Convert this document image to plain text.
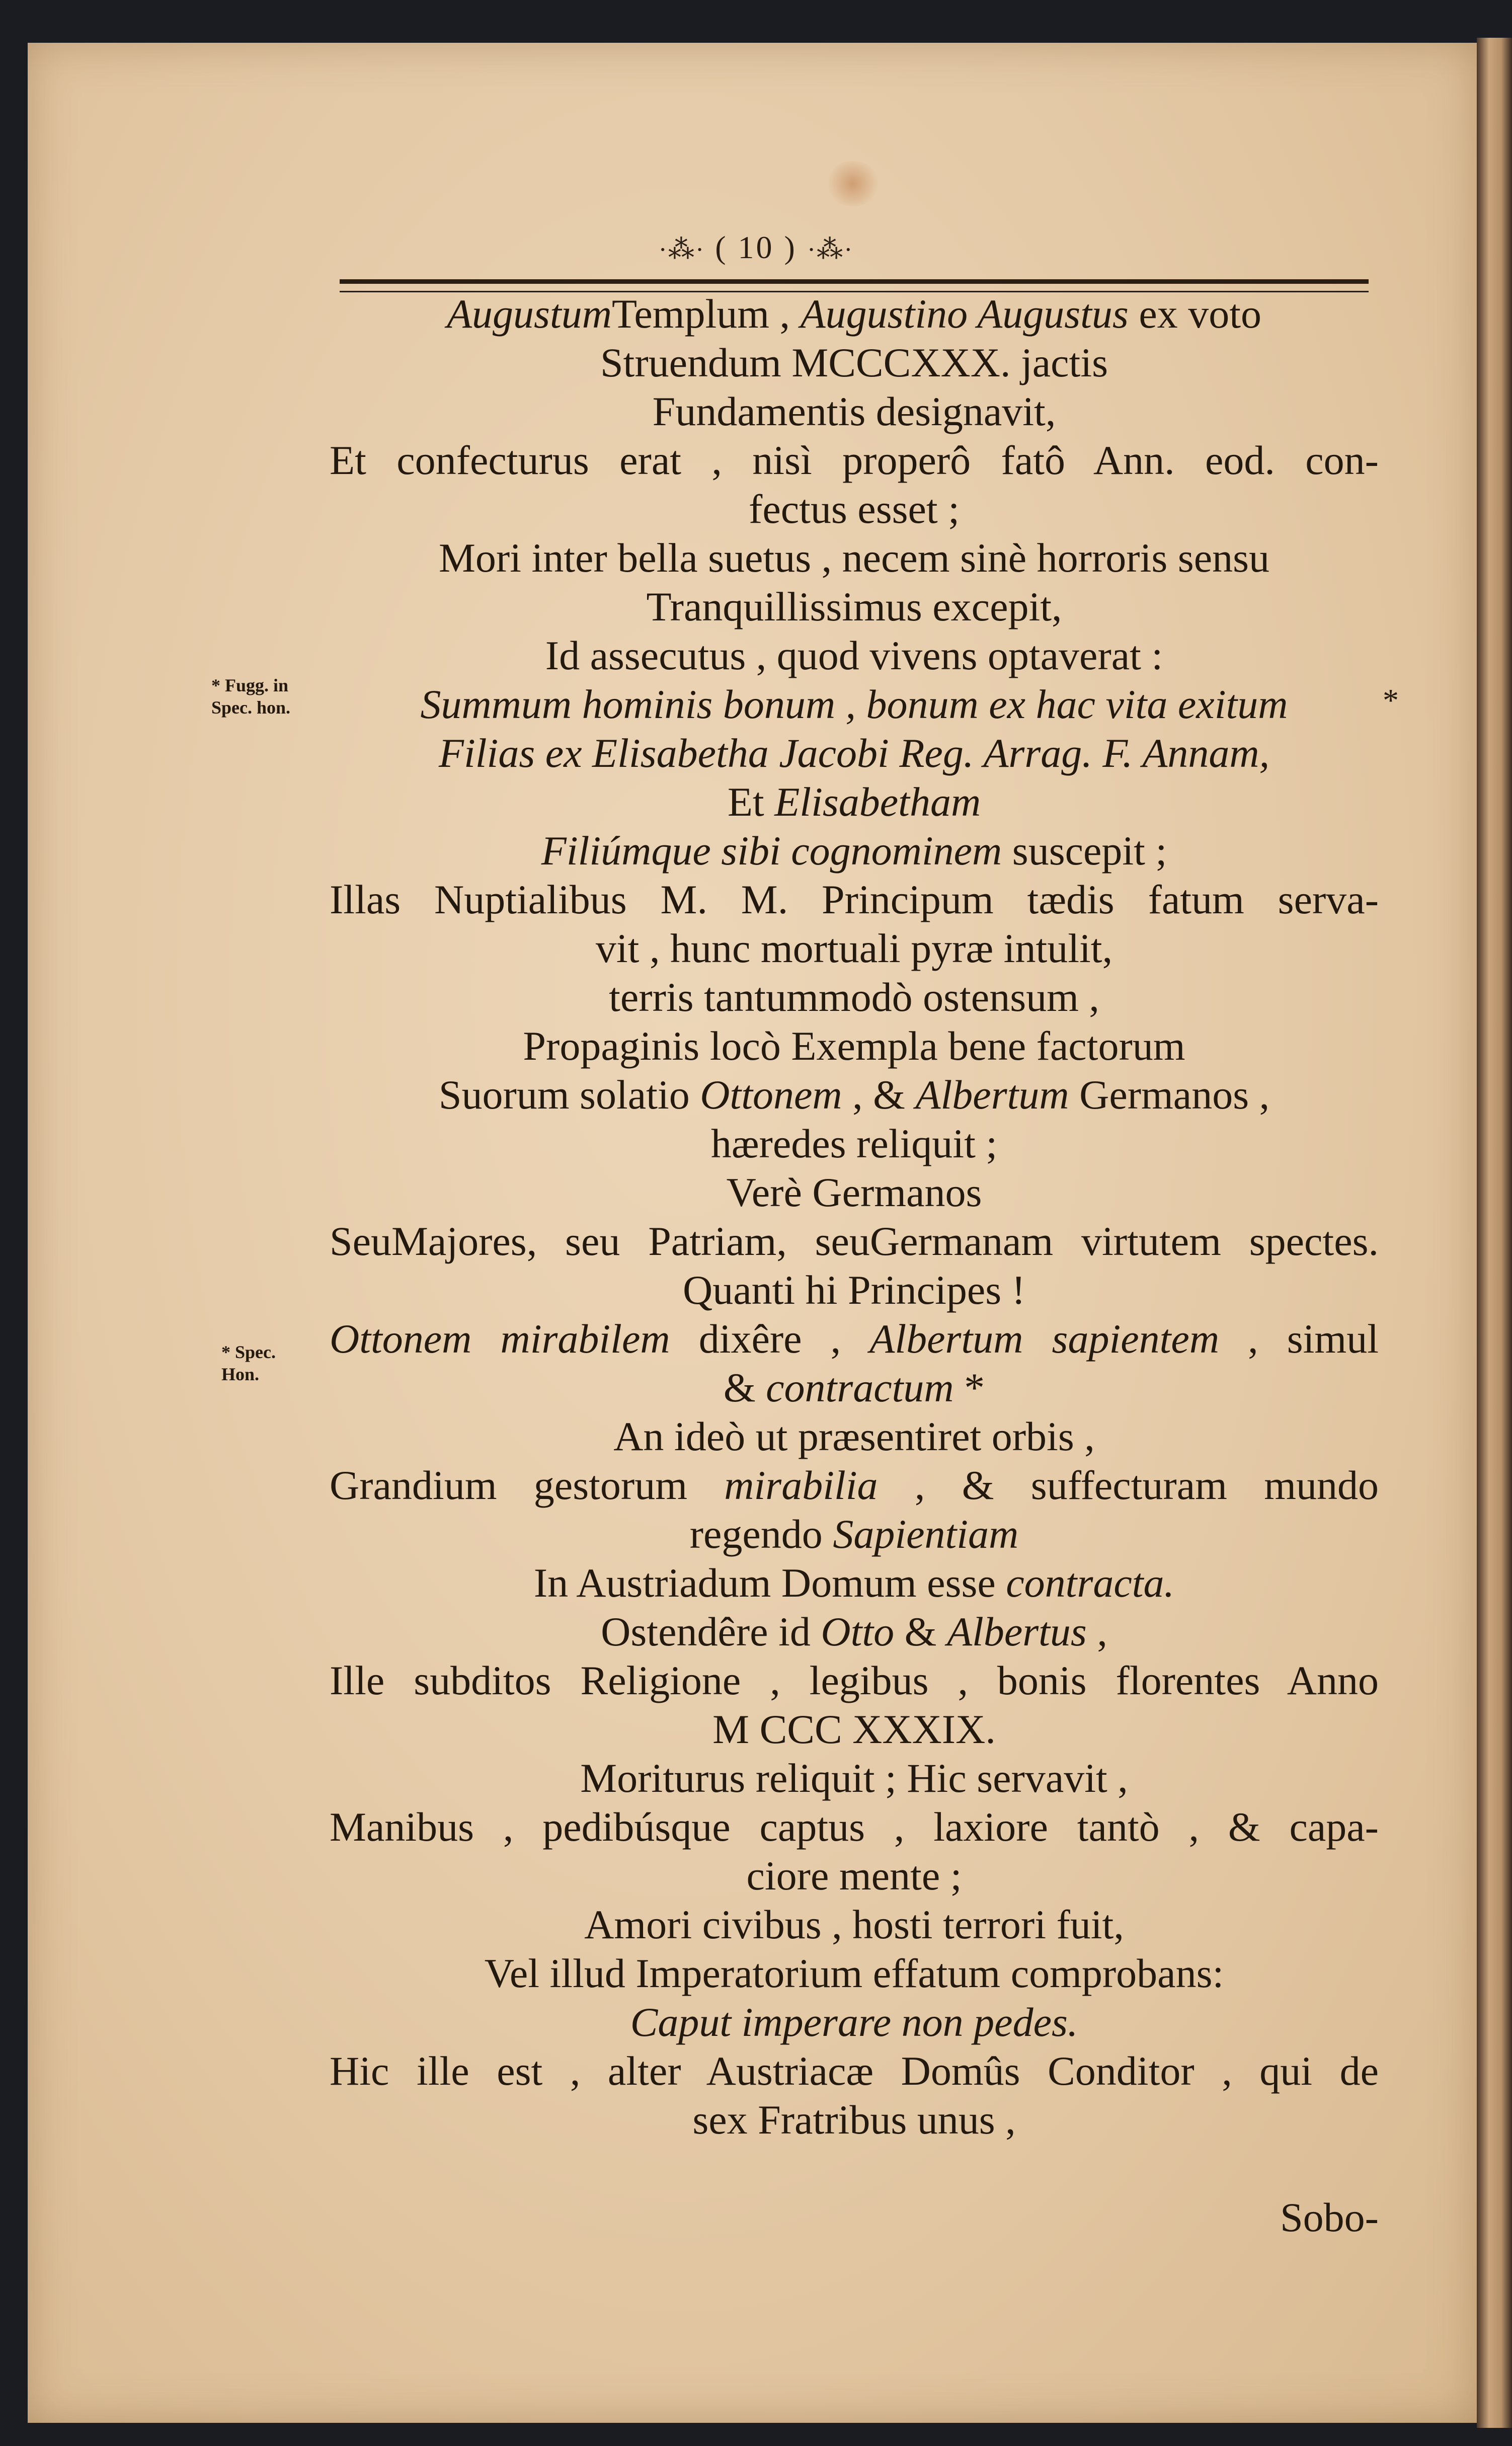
·⁂· ( 10 ) ·⁂·
* Fugg. in
Spec. hon.
* Spec.
Hon.
AugustumTemplum , Augustino Augustus ex voto
Struendum MCCCXXX. jactis
Fundamentis designavit,
Et confecturus erat , nisì properô fatô Ann. eod. con-
fectus esset ;
Mori inter bella suetus , necem sinè horroris sensu
Tranquillissimus excepit,
Id assecutus , quod vivens optaverat :
Summum hominis bonum , bonum ex hac vita exitum	*
Filias ex Elisabetha Jacobi Reg. Arrag. F. Annam,
Et Elisabetham
Filiúmque sibi cognominem suscepit ;
Illas Nuptialibus M. M. Principum tædis fatum serva-
vit , hunc mortuali pyræ intulit,
terris tantummodò ostensum ,
Propaginis locò Exempla bene factorum
Suorum solatio Ottonem , & Albertum Germanos ,
hæredes reliquit ;
Verè Germanos
SeuMajores, seu Patriam, seuGermanam virtutem spectes.
Quanti hi Principes !
Ottonem mirabilem dixêre , Albertum sapientem , simul
& contractum *
An ideò ut præsentiret orbis ,
Grandium gestorum mirabilia , & suffecturam mundo
regendo Sapientiam
In Austriadum Domum esse contracta.
Ostendêre id Otto & Albertus ,
Ille subditos Religione , legibus , bonis florentes Anno
M CCC XXXIX.
Moriturus reliquit ; Hic servavit ,
Manibus , pedibúsque captus , laxiore tantò , & capa-
ciore mente ;
Amori civibus , hosti terrori fuit,
Vel illud Imperatorium effatum comprobans:
Caput imperare non pedes.
Hic ille est , alter Austriacæ Domûs Conditor , qui de
sex Fratribus unus ,
Sobo-
